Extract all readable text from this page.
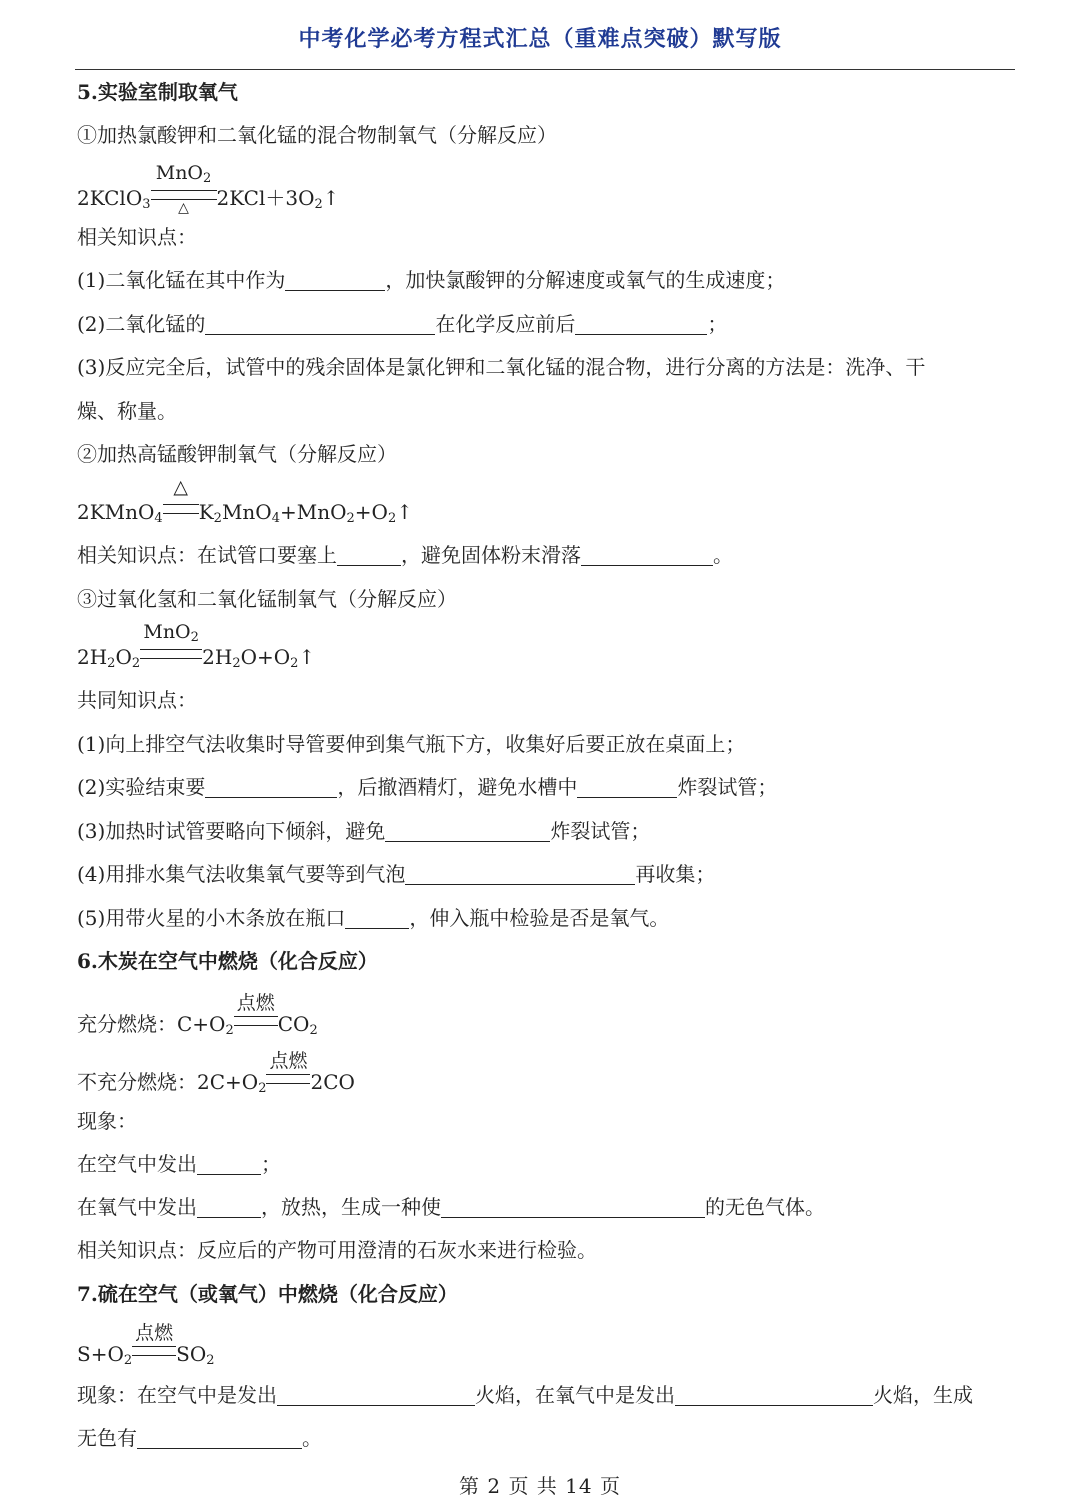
中考化学必考方程式汇总（重难点突破）默写版
5.实验室制取氧气
①加热氯酸钾和二氧化锰的混合物制氧气（分解反应）
2KClO$_3$
MnO$_2$
△	$2KCl+3O_2↑$
相关知识点：
(1)二氧化锰在其中作为	，加快氯酸钾的分解速度或氧气的生成速度；
(2)二氧化锰的	在化学反应前后	；
(3)反应完全后，试管中的残余固体是氯化钾和二氧化锰的混合物，进行分离的方法是：洗净、干
燥、称量。
②加热高锰酸钾制氧气（分解反应）
2KMnO$_4$
△
$K_2MnO_4+MnO_2+O_2↑$
相关知识点：在试管口要塞上	，避免固体粉末滑落	。
③过氧化氢和二氧化锰制氧气（分解反应）
$2H_2O_2$
MnO$_2$
$2H_2O+O_2↑$
共同知识点：
(1)向上排空气法收集时导管要伸到集气瓶下方，收集好后要正放在桌面上；
(2)实验结束要	，后撤酒精灯，避免水槽中	炸裂试管；
(3)加热时试管要略向下倾斜，避免	炸裂试管；
(4)用排水集气法收集氧气要等到气泡	再收集；
(5)用带火星的小木条放在瓶口	，伸入瓶中检验是否是氧气。
6.木炭在空气中燃烧（化合反应）
充分燃烧：$C+O_2$
点燃
$CO_2$
不充分燃烧：$2C+O_2$
点燃
2CO
现象：
在空气中发出	；
在氧气中发出	，放热，生成一种使	的无色气体。
相关知识点：反应后的产物可用澄清的石灰水来进行检验。
7.硫在空气（或氧气）中燃烧（化合反应）
$S+O_2$
点燃
$SO_2$
现象：在空气中是发出	火焰，在氧气中是发出	火焰，生成
无色有	。
第 2 页 共 14 页
